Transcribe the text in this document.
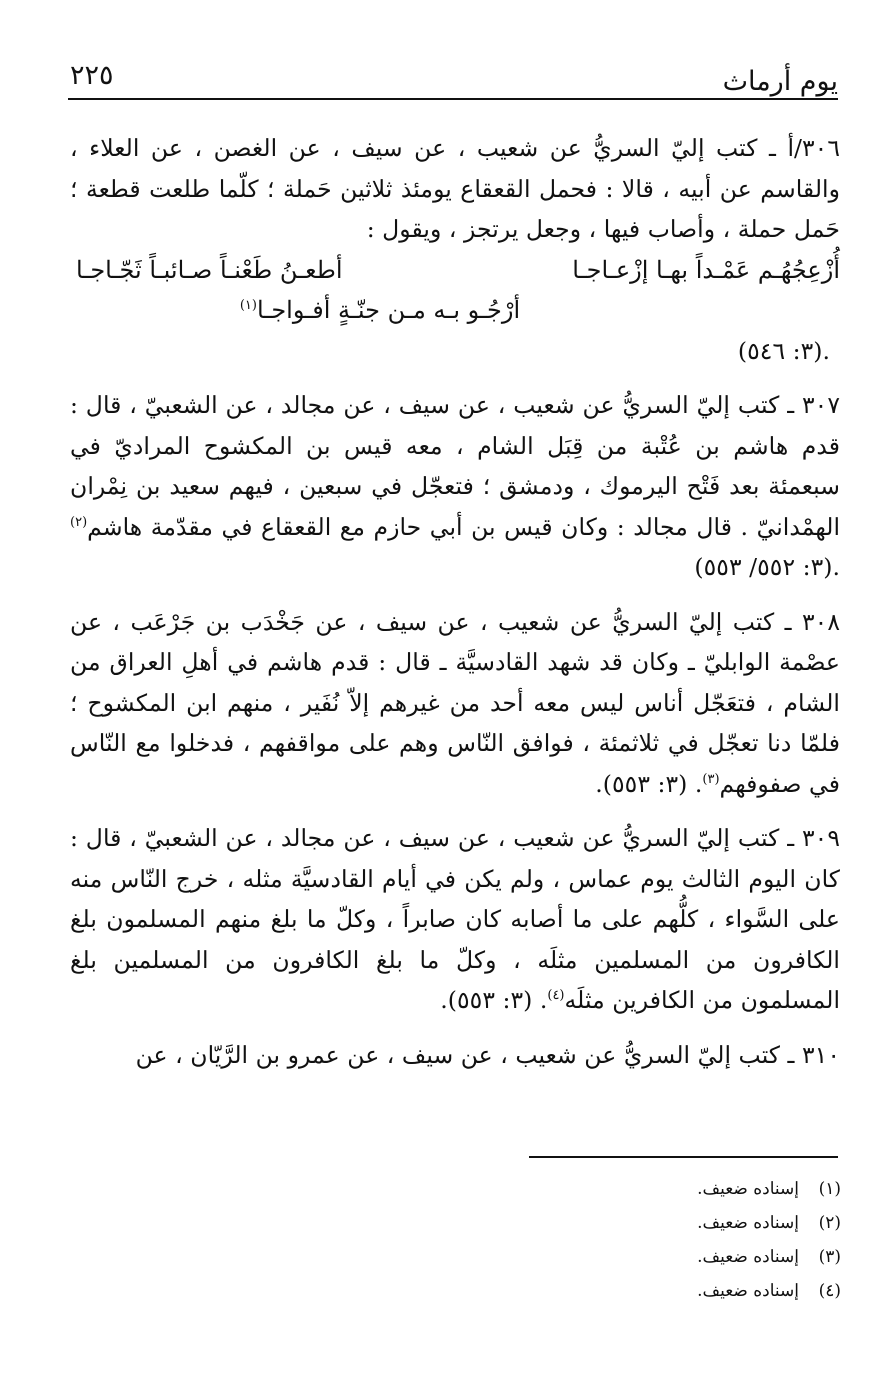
٢٢٥	يوم أرماث

٣٠٦/أ ـ كتب إليّ السريُّ عن شعيب ، عن سيف ، عن الغصن ، عن العلاء ، والقاسم عن أبيه ، قالا : فحمل القعقاع يومئذ ثلاثين حَملة ؛ كلّما طلعت قطعة ؛ حَمل حملة ، وأصاب فيها ، وجعل يرتجز ، ويقول :

أُزْعِجُهُـم عَمْـداً بهـا إزْعـاجـا
أطعـنُ طَعْنـاً صـائبـاً ثَجّـاجـا
أرْجُـو بـه مـن جنّـةٍ أفـواجـا$^{(١)}$
.(٣: ٥٤٦)

٣٠٧ ـ كتب إليّ السريُّ عن شعيب ، عن سيف ، عن مجالد ، عن الشعبيّ ، قال : قدم هاشم بن عُتْبة من قِبَل الشام ، معه قيس بن المكشوح المراديّ في سبعمئة بعد فَتْح اليرموك ، ودمشق ؛ فتعجّل في سبعين ، فيهم سعيد بن نِمْران الهمْدانيّ . قال مجالد : وكان قيس بن أبي حازم مع القعقاع في مقدّمة هاشم$^{(٢)}$ .(٣: ٥٥٢/ ٥٥٣)

٣٠٨ ـ كتب إليّ السريُّ عن شعيب ، عن سيف ، عن جَخْدَب بن جَرْعَب ، عن عصْمة الوابليّ ـ وكان قد شهد القادسيَّة ـ قال : قدم هاشم في أهلِ العراق من الشام ، فتعَجّل أناس ليس معه أحد من غيرهم إلاّ نُفَير ، منهم ابن المكشوح ؛ فلمّا دنا تعجّل في ثلاثمئة ، فوافق النّاس وهم على مواقفهم ، فدخلوا مع النّاس في صفوفهم$^{(٣)}$. (٣: ٥٥٣).

٣٠٩ ـ كتب إليّ السريُّ عن شعيب ، عن سيف ، عن مجالد ، عن الشعبيّ ، قال : كان اليوم الثالث يوم عماس ، ولم يكن في أيام القادسيَّة مثله ، خرج النّاس منه على السَّواء ، كلُّهم على ما أصابه كان صابراً ، وكلّ ما بلغ منهم المسلمون بلغ الكافرون من المسلمين مثلَه ، وكلّ ما بلغ الكافرون من المسلمين بلغ المسلمون من الكافرين مثلَه$^{(٤)}$. (٣: ٥٥٣).

٣١٠ ـ كتب إليّ السريُّ عن شعيب ، عن سيف ، عن عمرو بن الرَّيّان ، عن

(١)
إسناده ضعيف.
(٢)
إسناده ضعيف.
(٣)
إسناده ضعيف.
(٤)
إسناده ضعيف.
